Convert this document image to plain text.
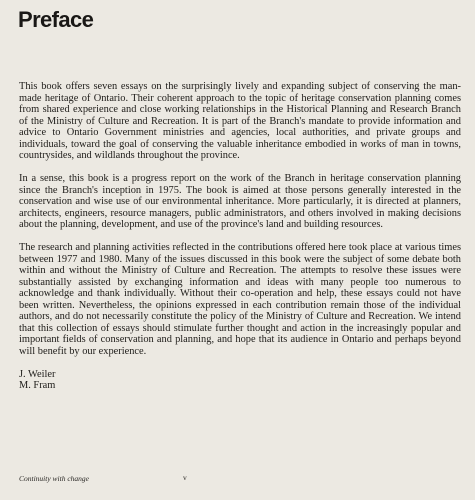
Preface

This book offers seven essays on the surprisingly lively and expanding subject of conserving the man-made heritage of Ontario. Their coherent approach to the topic of heritage conservation planning comes from shared experience and close working relationships in the Historical Planning and Research Branch of the Ministry of Culture and Recreation. It is part of the Branch's mandate to provide information and advice to Ontario Government ministries and agencies, local authorities, and private groups and individuals, toward the goal of conserving the valuable inheritance embodied in works of man in towns, countrysides, and wildlands throughout the province.

In a sense, this book is a progress report on the work of the Branch in heritage conservation planning since the Branch's inception in 1975. The book is aimed at those persons generally interested in the conservation and wise use of our environmental inheritance. More particularly, it is directed at planners, architects, engineers, resource managers, public administrators, and others involved in making decisions about the planning, development, and use of the province's land and building resources.

The research and planning activities reflected in the contributions offered here took place at various times between 1977 and 1980. Many of the issues discussed in this book were the subject of some debate both within and without the Ministry of Culture and Recreation. The attempts to resolve these issues were substantially assisted by exchanging information and ideas with many people too numerous to acknowledge and thank individually. Without their co-operation and help, these essays could not have been written. Nevertheless, the opinions expressed in each contribution remain those of the individual authors, and do not necessarily constitute the policy of the Ministry of Culture and Recreation. We intend that this collection of essays should stimulate further thought and action in the increasingly popular and important fields of conservation and planning, and hope that its audience in Ontario and perhaps beyond will benefit by our experience.

J. Weiler
M. Fram
Continuity with change	v
